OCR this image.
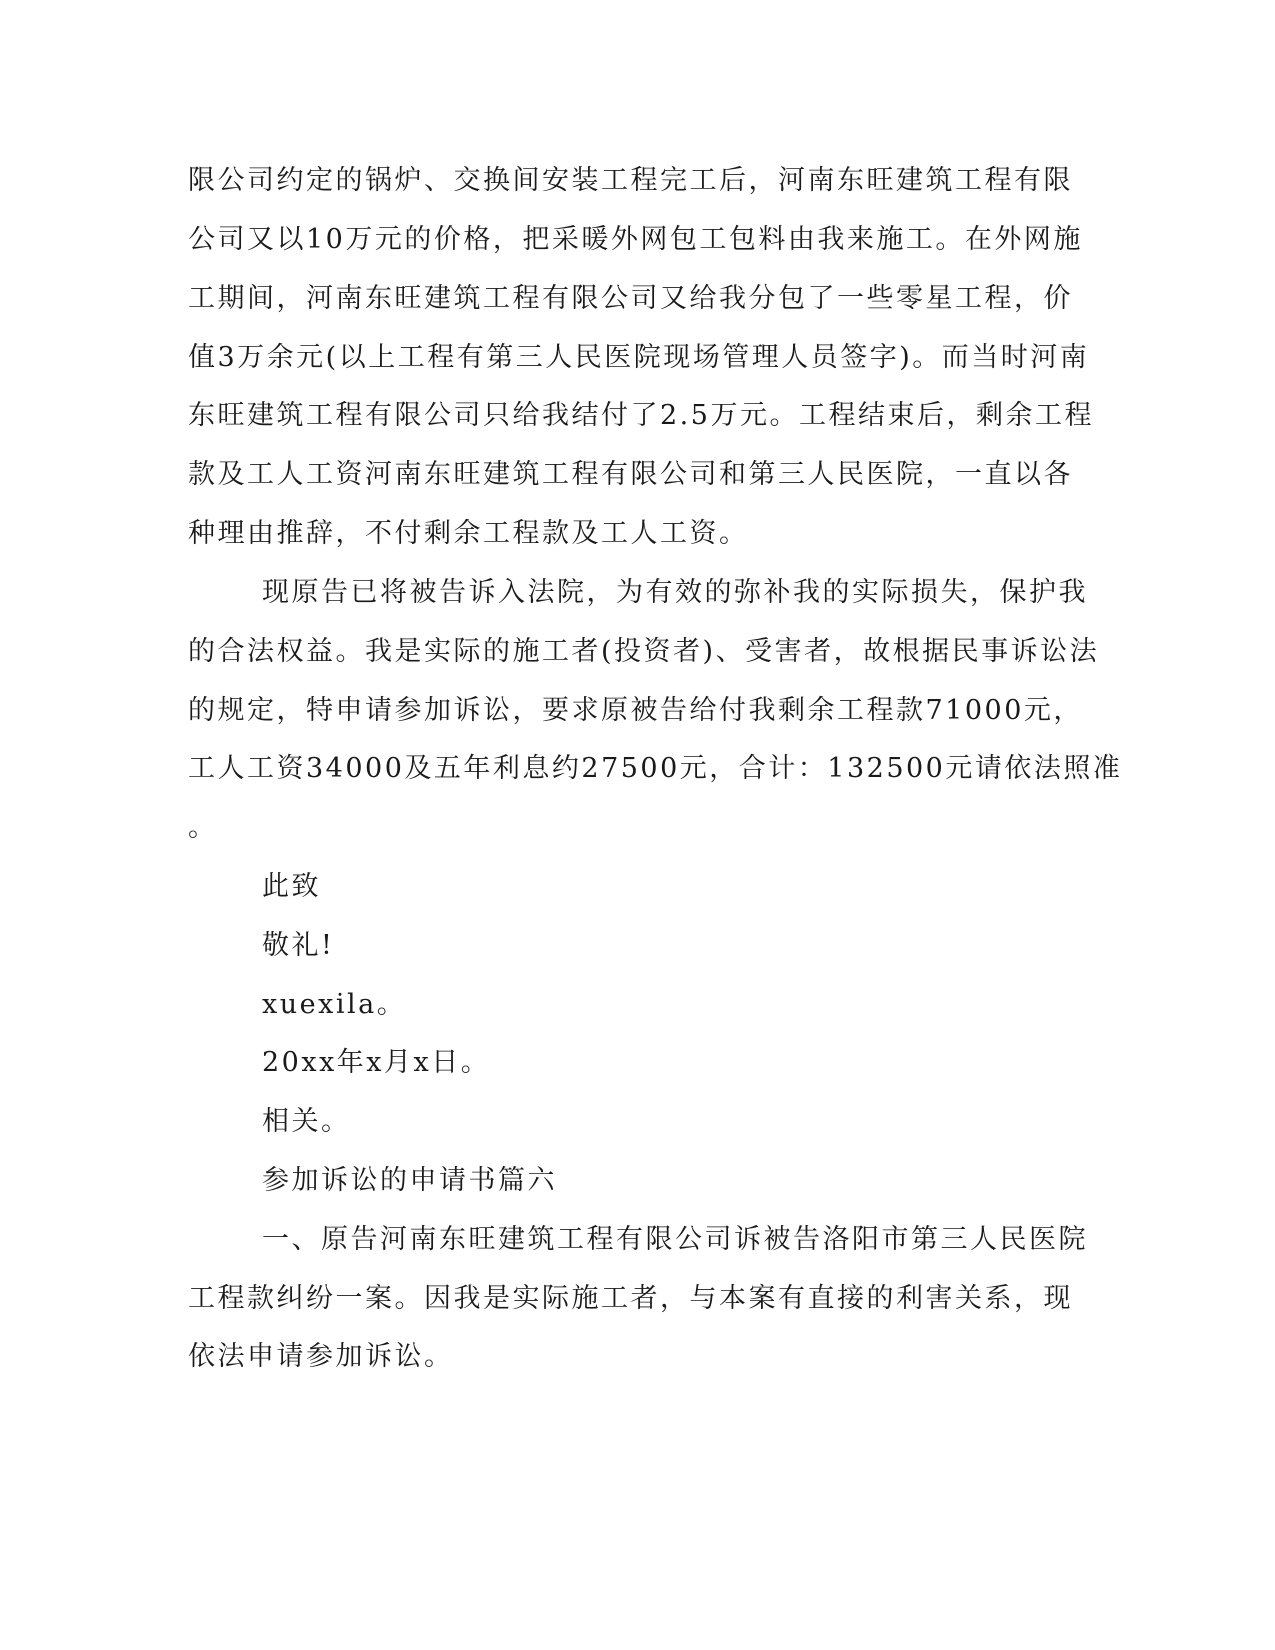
限公司约定的锅炉、交换间安装工程完工后，河南东旺建筑工程有限
公司又以10万元的价格，把采暖外网包工包料由我来施工。在外网施
工期间，河南东旺建筑工程有限公司又给我分包了一些零星工程，价
值3万余元(以上工程有第三人民医院现场管理人员签字)。而当时河南
东旺建筑工程有限公司只给我结付了2.5万元。工程结束后，剩余工程
款及工人工资河南东旺建筑工程有限公司和第三人民医院，一直以各
种理由推辞，不付剩余工程款及工人工资。
现原告已将被告诉入法院，为有效的弥补我的实际损失，保护我
的合法权益。我是实际的施工者(投资者)、受害者，故根据民事诉讼法
的规定，特申请参加诉讼，要求原被告给付我剩余工程款71000元，
工人工资34000及五年利息约27500元，合计：132500元请依法照准
。
此致
敬礼!
xuexila。
20xx年x月x日。
相关。
参加诉讼的申请书篇六
一、原告河南东旺建筑工程有限公司诉被告洛阳市第三人民医院
工程款纠纷一案。因我是实际施工者，与本案有直接的利害关系，现
依法申请参加诉讼。
